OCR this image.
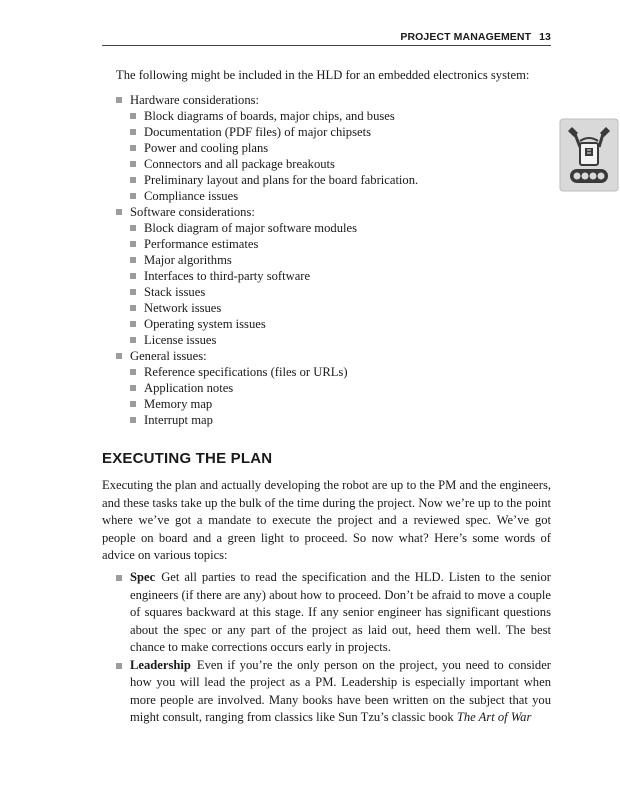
PROJECT MANAGEMENT 13
The following might be included in the HLD for an embedded electronics system:
Hardware considerations:
Block diagrams of boards, major chips, and buses
Documentation (PDF files) of major chipsets
Power and cooling plans
Connectors and all package breakouts
Preliminary layout and plans for the board fabrication.
Compliance issues
Software considerations:
Block diagram of major software modules
Performance estimates
Major algorithms
Interfaces to third-party software
Stack issues
Network issues
Operating system issues
License issues
General issues:
Reference specifications (files or URLs)
Application notes
Memory map
Interrupt map
EXECUTING THE PLAN

Executing the plan and actually developing the robot are up to the PM and the engineers, and these tasks take up the bulk of the time during the project. Now we’re up to the point where we’ve got a mandate to execute the project and a reviewed spec. We’ve got people on board and a green light to proceed. So now what? Here’s some words of advice on various topics:

Spec Get all parties to read the specification and the HLD. Listen to the senior engineers (if there are any) about how to proceed. Don’t be afraid to move a couple of squares backward at this stage. If any senior engineer has significant questions about the spec or any part of the project as laid out, heed them well. The best chance to make corrections occurs early in projects.
Leadership Even if you’re the only person on the project, you need to consider how you will lead the project as a PM. Leadership is especially important when more people are involved. Many books have been written on the subject that you might consult, ranging from classics like Sun Tzu’s classic book The Art of War
